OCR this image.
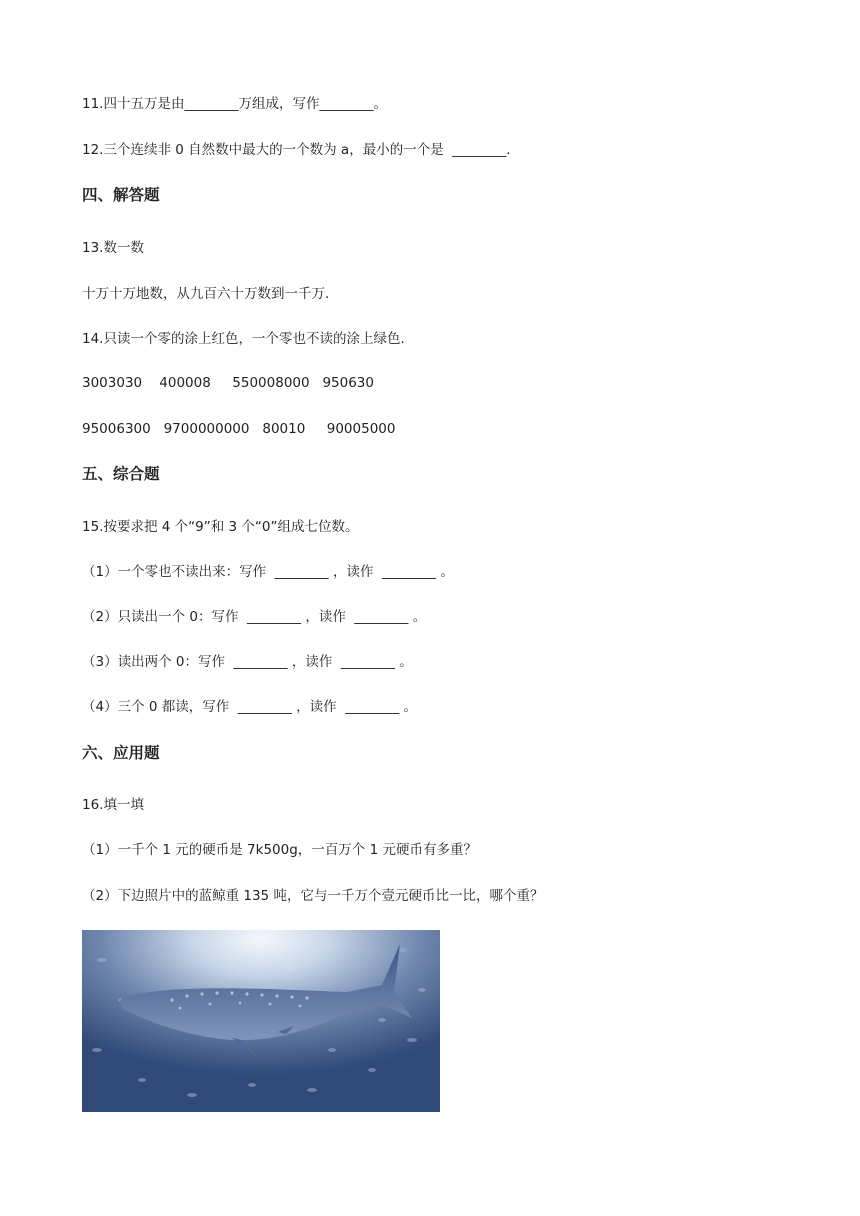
11.四十五万是由________万组成，写作________。
12.三个连续非 0 自然数中最大的一个数为 a，最小的一个是  ________.
四、解答题
13.数一数
十万十万地数，从九百六十万数到一千万.
14.只读一个零的涂上红色，一个零也不读的涂上绿色.
3003030    400008     550008000   950630
95006300   9700000000   80010     90005000
五、综合题
15.按要求把 4 个“9”和 3 个“0”组成七位数。
（1）一个零也不读出来：写作  ________ ，读作  ________ 。
（2）只读出一个 0：写作  ________ ，读作  ________ 。
（3）读出两个 0：写作  ________ ，读作  ________ 。
（4）三个 0 都读，写作  ________ ，读作  ________ 。
六、应用题
16.填一填
（1）一千个 1 元的硬币是 7k500g，一百万个 1 元硬币有多重？
（2）下边照片中的蓝鲸重 135 吨，它与一千万个壹元硬币比一比，哪个重？
